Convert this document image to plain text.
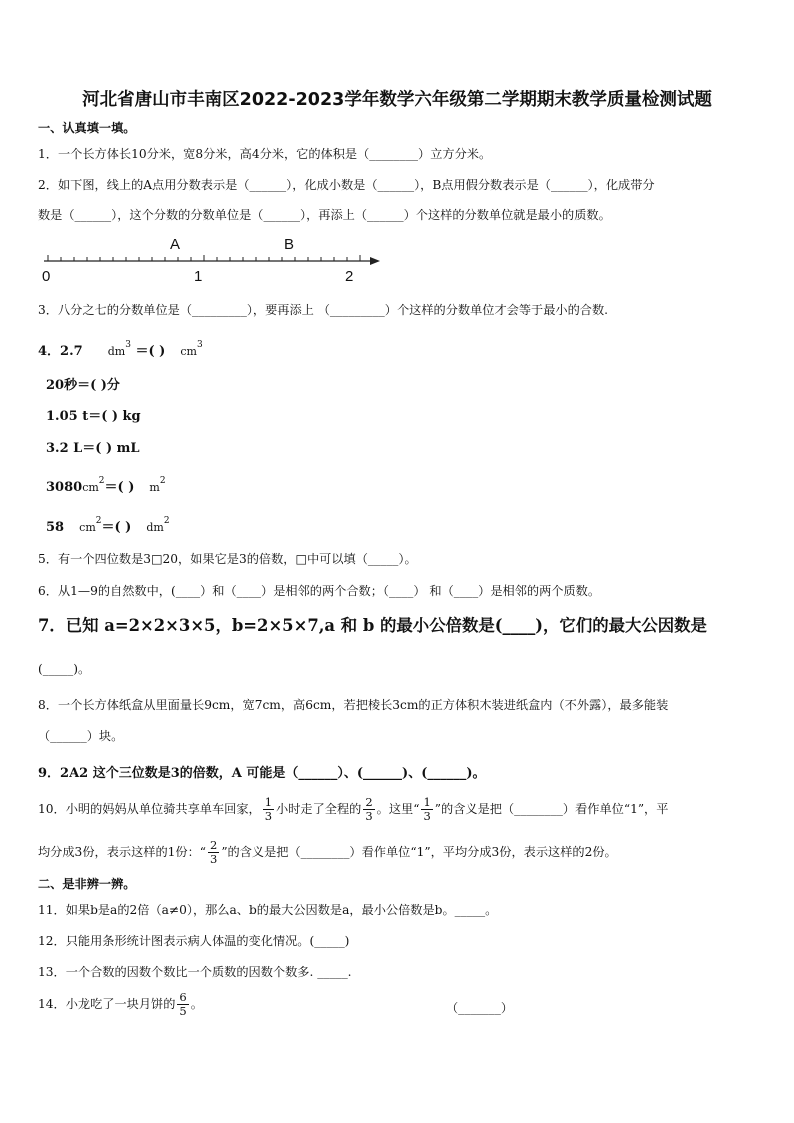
河北省唐山市丰南区2022-2023学年数学六年级第二学期期末教学质量检测试题
一、认真填一填。
1．一个长方体长10分米，宽8分米，高4分米，它的体积是（________）立方分米。
2．如下图，线上的A点用分数表示是（______），化成小数是（______），B点用假分数表示是（______），化成带分
数是（______），这个分数的分数单位是（______），再添上（______）个这样的分数单位就是最小的质数。
A	B
0	1	2
3．八分之七的分数单位是（_________），要再添上 （_________）个这样的分数单位才会等于最小的合数.
4．2.7 $dm^3$ ＝( ) $cm^3$
20秒＝( )分
1.05 t＝( ) kg
3.2 L＝( ) mL
$3080cm^2=$( ) $m^2$
58 $cm^2=$( ) $dm^2$
5．有一个四位数是3□20，如果它是3的倍数，□中可以填（_____）。
6．从1—9的自然数中，(____）和（____）是相邻的两个合数；（____） 和（____）是相邻的两个质数。
7．已知 a=2×2×3×5，b=2×5×7,a 和 b 的最小公倍数是(____)，它们的最大公因数是
(_____)。
8．一个长方体纸盒从里面量长9cm，宽7cm，高6cm，若把棱长3cm的正方体积木装进纸盒内（不外露），最多能装
（______）块。
9．2A2 这个三位数是3的倍数，A 可能是（______）、(______)、(______)。
10．小明的妈妈从单位骑共享单车回家， $\frac{1}{3}$ 小时走了全程的 $\frac{2}{3}$ 。这里“ $\frac{1}{3}$ ”的含义是把（________）看作单位“1”，平
均分成3份，表示这样的1份：“ $\frac{2}{3}$ ”的含义是把（________）看作单位“1”，平均分成3份，表示这样的2份。
二、是非辨一辨。
11．如果b是a的2倍（a≠0），那么a、b的最大公因数是a，最小公倍数是b。_____。
12．只能用条形统计图表示病人体温的变化情况。(_____)
13．一个合数的因数个数比一个质数的因数个数多. _____.
14．小龙吃了一块月饼的 $\frac{6}{5}$ 。	（_______）
